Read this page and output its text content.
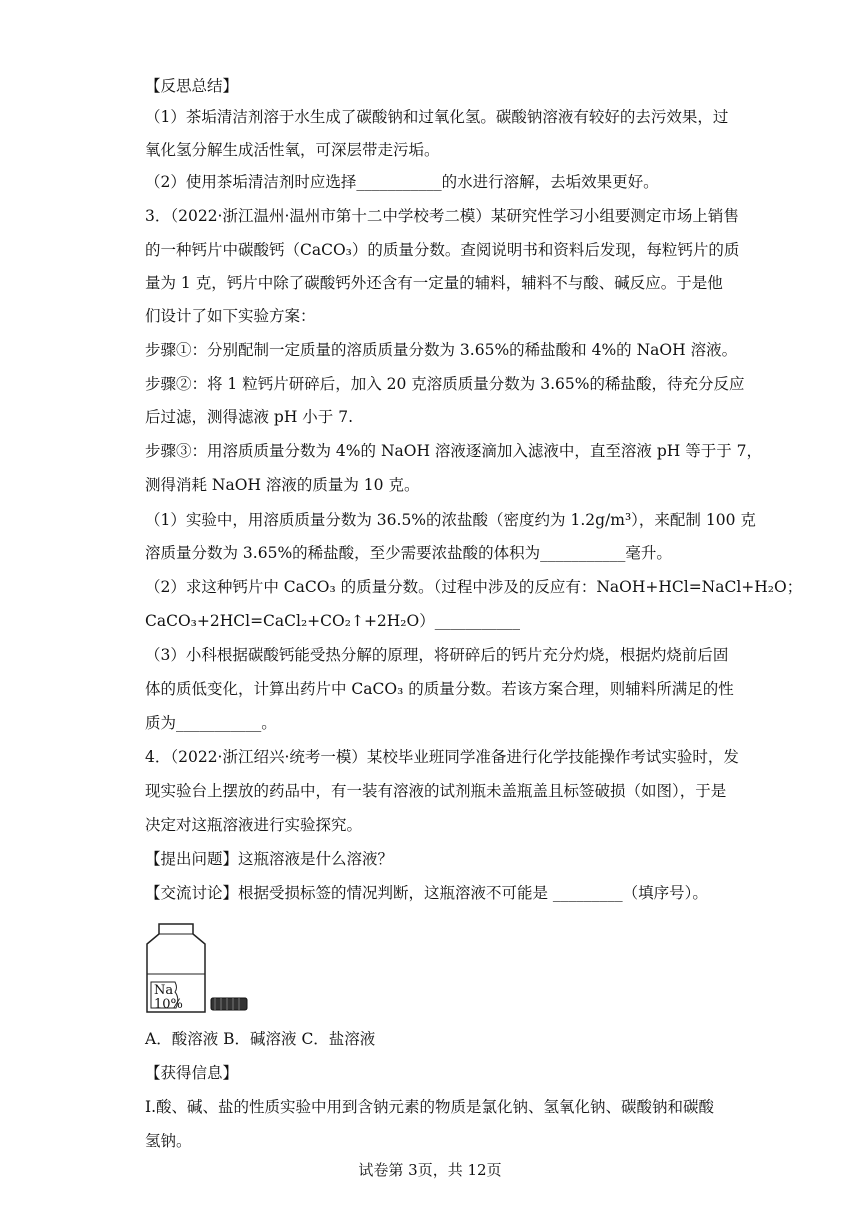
【反思总结】
（1）茶垢清洁剂溶于水生成了碳酸钠和过氧化氢。碳酸钠溶液有较好的去污效果，过
氧化氢分解生成活性氧，可深层带走污垢。
（2）使用茶垢清洁剂时应选择___________的水进行溶解，去垢效果更好。
3．（2022·浙江温州·温州市第十二中学校考二模）某研究性学习小组要测定市场上销售
的一种钙片中碳酸钙（CaCO₃）的质量分数。查阅说明书和资料后发现，每粒钙片的质
量为 1 克，钙片中除了碳酸钙外还含有一定量的辅料，辅料不与酸、碱反应。于是他
们设计了如下实验方案：
步骤①：分别配制一定质量的溶质质量分数为 3.65%的稀盐酸和 4%的 NaOH 溶液。
步骤②：将 1 粒钙片研碎后，加入 20 克溶质质量分数为 3.65%的稀盐酸，待充分反应
后过滤，测得滤液 pH 小于 7.
步骤③：用溶质质量分数为 4%的 NaOH 溶液逐滴加入滤液中，直至溶液 pH 等于于 7，
测得消耗 NaOH 溶液的质量为 10 克。
（1）实验中，用溶质质量分数为 36.5%的浓盐酸（密度约为 1.2g/m³），来配制 100 克
溶质量分数为 3.65%的稀盐酸，至少需要浓盐酸的体积为___________毫升。
（2）求这种钙片中 CaCO₃ 的质量分数。（过程中涉及的反应有：NaOH+HCl=NaCl+H₂O；
CaCO₃+2HCl=CaCl₂+CO₂↑+2H₂O）___________
（3）小科根据碳酸钙能受热分解的原理，将研碎后的钙片充分灼烧，根据灼烧前后固
体的质低变化，计算出药片中 CaCO₃ 的质量分数。若该方案合理，则辅料所满足的性
质为___________。
4．（2022·浙江绍兴·统考一模）某校毕业班同学准备进行化学技能操作考试实验时，发
现实验台上摆放的药品中，有一装有溶液的试剂瓶未盖瓶盖且标签破损（如图），于是
决定对这瓶溶液进行实验探究。
【提出问题】这瓶溶液是什么溶液？
【交流讨论】根据受损标签的情况判断，这瓶溶液不可能是 _________（填序号）。
Na
10%
A．酸溶液 B．碱溶液 C．盐溶液
【获得信息】
Ⅰ.酸、碱、盐的性质实验中用到含钠元素的物质是氯化钠、氢氧化钠、碳酸钠和碳酸
氢钠。
试卷第 3页，共 12页
